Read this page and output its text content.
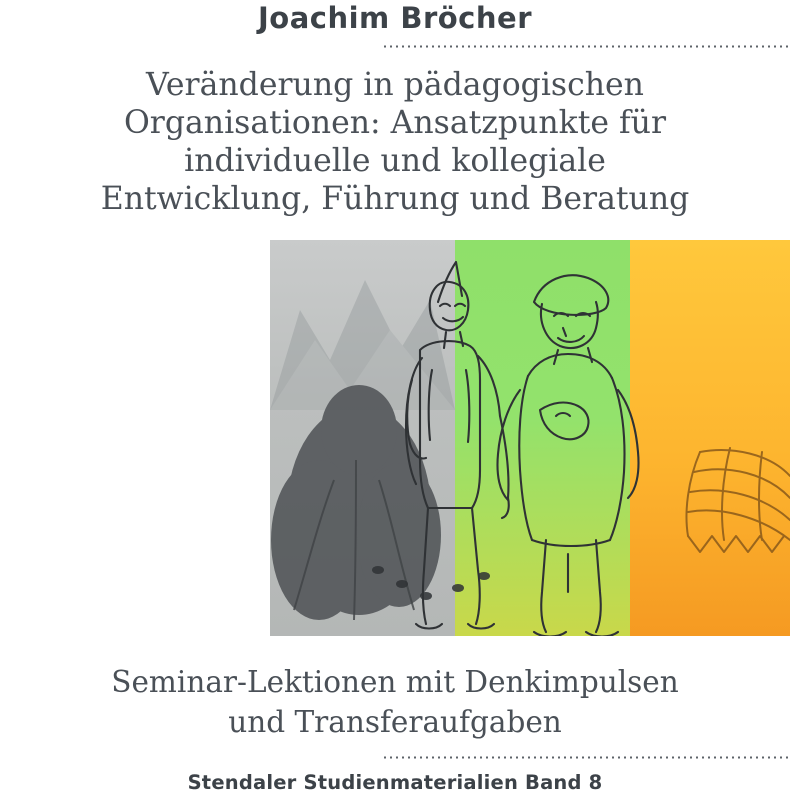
Joachim Bröcher
Veränderung in pädagogischen
Organisationen: Ansatzpunkte für
individuelle und kollegiale
Entwicklung, Führung und Beratung
Seminar-Lektionen mit Denkimpulsen
und Transferaufgaben
Stendaler Studienmaterialien Band 8
